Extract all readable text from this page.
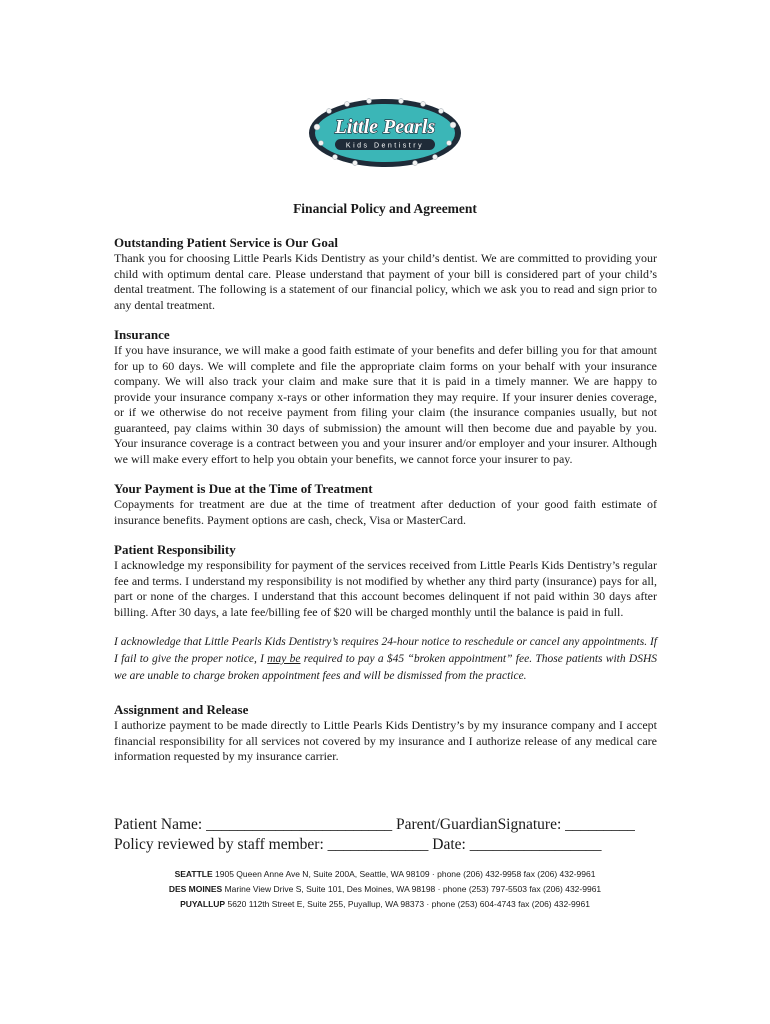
Little Pearls
Kids Dentistry
Financial Policy and Agreement
Outstanding Patient Service is Our Goal

Thank you for choosing Little Pearls Kids Dentistry as your child’s dentist. We are committed to providing your child with optimum dental care. Please understand that payment of your bill is considered part of your child’s dental treatment. The following is a statement of our financial policy, which we ask you to read and sign prior to any dental treatment.

Insurance

If you have insurance, we will make a good faith estimate of your benefits and defer billing you for that amount for up to 60 days. We will complete and file the appropriate claim forms on your behalf with your insurance company. We will also track your claim and make sure that it is paid in a timely manner. We are happy to provide your insurance company x-rays or other information they may require. If your insurer denies coverage, or if we otherwise do not receive payment from filing your claim (the insurance companies usually, but not guaranteed, pay claims within 30 days of submission) the amount will then become due and payable by you. Your insurance coverage is a contract between you and your insurer and/or employer and your insurer. Although we will make every effort to help you obtain your benefits, we cannot force your insurer to pay.

Your Payment is Due at the Time of Treatment

Copayments for treatment are due at the time of treatment after deduction of your good faith estimate of insurance benefits. Payment options are cash, check, Visa or MasterCard.

Patient Responsibility

I acknowledge my responsibility for payment of the services received from Little Pearls Kids Dentistry’s regular fee and terms. I understand my responsibility is not modified by whether any third party (insurance) pays for all, part or none of the charges. I understand that this account becomes delinquent if not paid within 30 days after billing. After 30 days, a late fee/billing fee of $20 will be charged monthly until the balance is paid in full.

I acknowledge that Little Pearls Kids Dentistry’s requires 24-hour notice to reschedule or cancel any appointments. If I fail to give the proper notice, I may be required to pay a $45 “broken appointment” fee. Those patients with DSHS we are unable to charge broken appointment fees and will be dismissed from the practice.

Assignment and Release

I authorize payment to be made directly to Little Pearls Kids Dentistry’s by my insurance company and I accept financial responsibility for all services not covered by my insurance and I authorize release of any medical care information requested by my insurance carrier.

Patient Name: ________________________ Parent/GuardianSignature: _________
Policy reviewed by staff member: _____________ Date: _________________
SEATTLE 1905 Queen Anne Ave N, Suite 200A, Seattle, WA 98109 · phone (206) 432-9958 fax (206) 432-9961
DES MOINES Marine View Drive S, Suite 101, Des Moines, WA 98198 · phone (253) 797-5503 fax (206) 432-9961
PUYALLUP 5620 112th Street E, Suite 255, Puyallup, WA 98373 · phone (253) 604-4743 fax (206) 432-9961
